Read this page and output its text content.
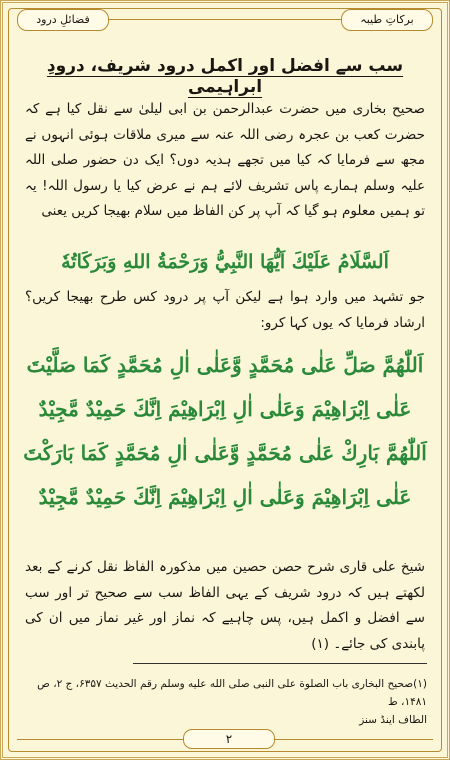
برکاتِ طیبہ
فضائلِ درود
سب سے افضل اور اکمل درود شریف، درودِ ابراہیمی
صحیح بخاری میں حضرت عبدالرحمن بن ابی لیلیٰ سے نقل کیا ہے کہ حضرت کعب بن عجرہ رضی اللہ عنہ سے میری ملاقات ہوئی انہوں نے مجھ سے فرمایا کہ کیا میں تجھے ہدیہ دوں؟ ایک دن حضور صلی اللہ علیہ وسلم ہمارے پاس تشریف لائے ہم نے عرض کیا یا رسول اللہ! یہ تو ہمیں معلوم ہو گیا کہ آپ پر کن الفاظ میں سلام بھیجا کریں یعنی
اَلسَّلَامُ عَلَيْكَ اَيُّهَا النَّبِيُّ وَرَحْمَةُ اللهِ وَبَرَكَاتُهٗ
جو تشہد میں وارد ہوا ہے لیکن آپ پر درود کس طرح بھیجا کریں؟ ارشاد فرمایا کہ یوں کہا کرو:
اَللّٰهُمَّ صَلِّ عَلٰى مُحَمَّدٍ وَّعَلٰى اٰلِ مُحَمَّدٍ كَمَا صَلَّيْتَ
عَلٰى اِبْرَاهِيْمَ وَعَلٰى اٰلِ اِبْرَاهِيْمَ اِنَّكَ حَمِيْدٌ مَّجِيْدٌ
اَللّٰهُمَّ بَارِكْ عَلٰى مُحَمَّدٍ وَّعَلٰى اٰلِ مُحَمَّدٍ كَمَا بَارَكْتَ
عَلٰى اِبْرَاهِيْمَ وَعَلٰى اٰلِ اِبْرَاهِيْمَ اِنَّكَ حَمِيْدٌ مَّجِيْدٌ
شیخ علی قاری شرح حصن حصین میں مذکورہ الفاظ نقل کرنے کے بعد لکھتے ہیں کہ درود شریف کے یہی الفاظ سب سے صحیح تر اور سب سے افضل و اکمل ہیں، پس چاہیے کہ نماز اور غیر نماز میں ان کی پابندی کی جائے۔ (۱)
(۱)صحیح البخاری باب الصلوة علی النبی صلی الله علیه وسلم رقم الحدیث ۶۳۵۷، ج ۲، ص ۱۴۸۱، ط
الطاف اینڈ سنز
۲
